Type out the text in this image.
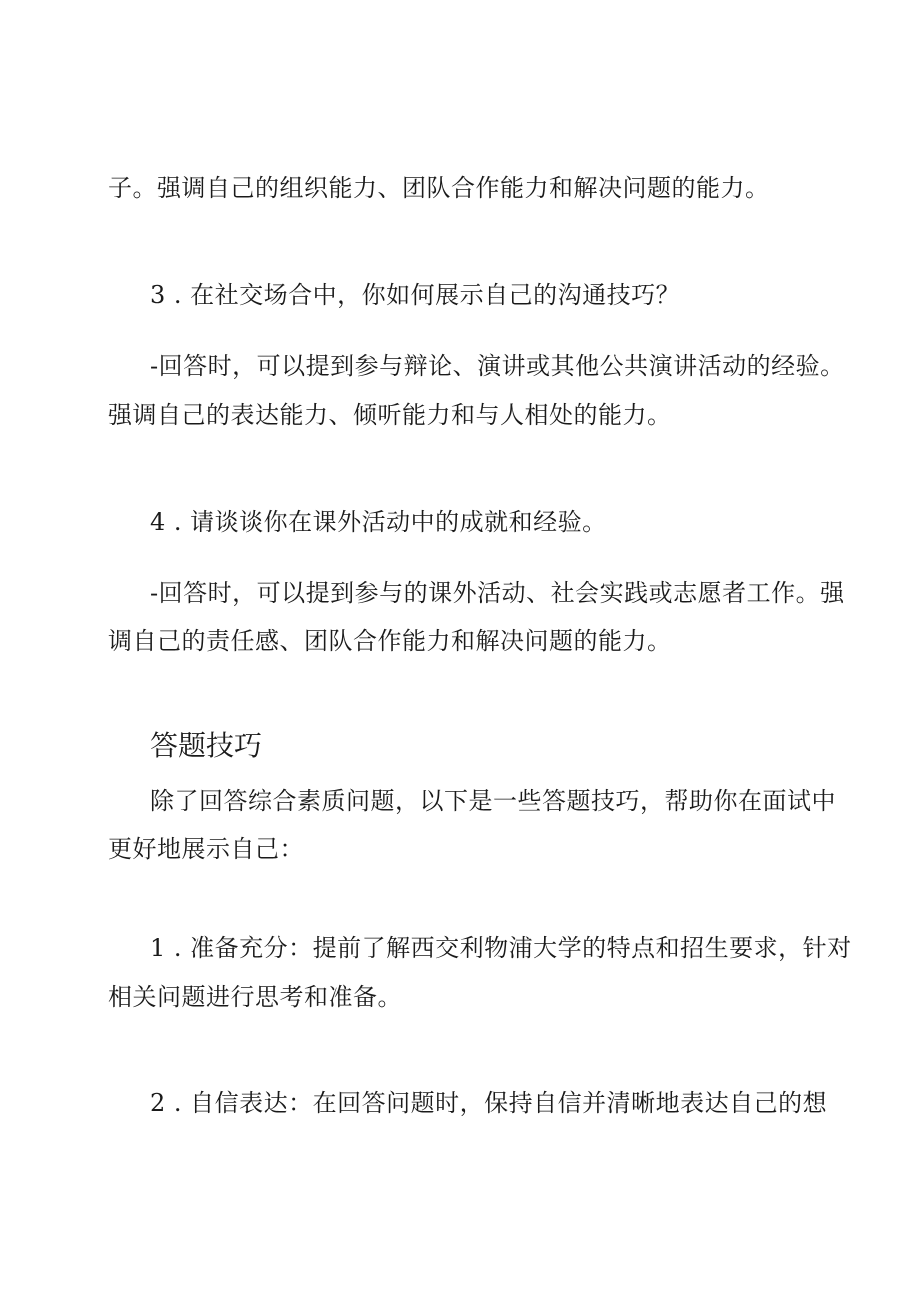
子。强调自己的组织能力、团队合作能力和解决问题的能力。
3 . 在社交场合中，你如何展示自己的沟通技巧？
-回答时，可以提到参与辩论、演讲或其他公共演讲活动的经验。
强调自己的表达能力、倾听能力和与人相处的能力。
4 . 请谈谈你在课外活动中的成就和经验。
-回答时，可以提到参与的课外活动、社会实践或志愿者工作。强
调自己的责任感、团队合作能力和解决问题的能力。
答题技巧
除了回答综合素质问题，以下是一些答题技巧，帮助你在面试中
更好地展示自己：
1 . 准备充分：提前了解西交利物浦大学的特点和招生要求，针对
相关问题进行思考和准备。
2 . 自信表达：在回答问题时，保持自信并清晰地表达自己的想
